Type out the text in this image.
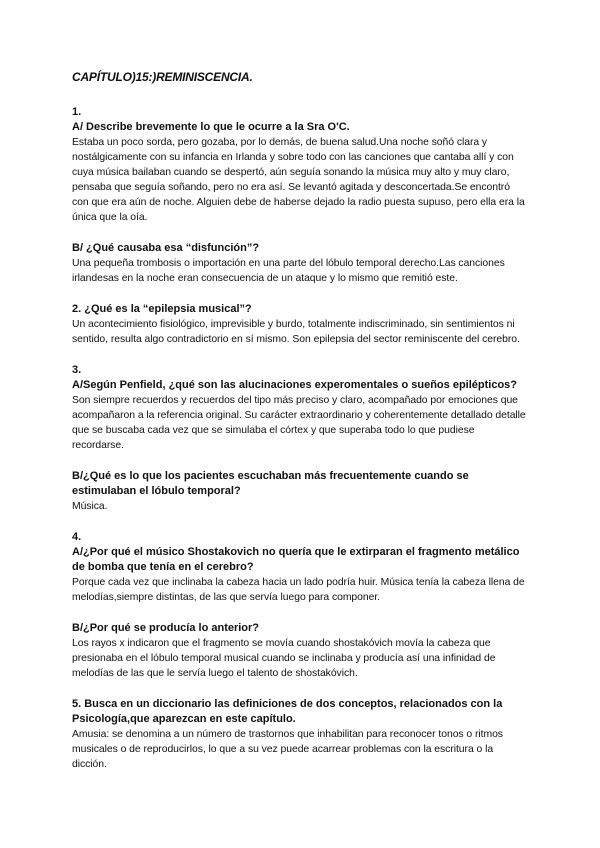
CAPÍTULO)15:)REMINISCENCIA.
1.
A/ Describe brevemente lo que le ocurre a la Sra O'C.
Estaba un poco sorda, pero gozaba, por lo demás, de buena salud.Una noche soñó clara y nostálgicamente con su infancia en Irlanda y sobre todo con las canciones que cantaba allí y con cuya música bailaban cuando se despertó, aún seguía sonando la música muy alto y muy claro, pensaba que seguía soñando, pero no era así. Se levantó agitada y desconcertada.Se encontró con que era aún de noche. Alguien debe de haberse dejado la radio puesta supuso, pero ella era la única que la oía.
B/ ¿Qué causaba esa “disfunción”?
Una pequeña trombosis o importación en una parte del lóbulo temporal derecho.Las canciones irlandesas en la noche eran consecuencia de un ataque y lo mismo que remitió este.
2. ¿Qué es la “epilepsia musical”?
Un acontecimiento fisiológico, imprevisible y burdo, totalmente indiscriminado, sin sentimientos ni sentido, resulta algo contradictorio en sí mismo. Son epilepsia del sector reminiscente del cerebro.
3.
A/Según Penfield, ¿qué son las alucinaciones experomentales o sueños epilépticos?
Son siempre recuerdos y recuerdos del tipo más preciso y claro, acompañado por emociones que acompañaron a la referencia original. Su carácter extraordinario y coherentemente detallado detalle que se buscaba cada vez que se simulaba el córtex y que superaba todo lo que pudiese recordarse.
B/¿Qué es lo que los pacientes escuchaban más frecuentemente cuando se estimulaban el lóbulo temporal?
Música.
4.
A/¿Por qué el músico Shostakovich no quería que le extirparan el fragmento metálico de bomba que tenía en el cerebro?
Porque cada vez que inclinaba la cabeza hacia un lado podría huir. Música tenía la cabeza llena de melodías,siempre distintas, de las que servía luego para componer.
B/¿Por qué se producía lo anterior?
Los rayos x indicaron que el fragmento se movía cuando shostakóvich movía la cabeza que presionaba en el lóbulo temporal musical cuando se inclinaba y producía así una infinidad de melodías de las que le servía luego el talento de shostakóvich.
5. Busca en un diccionario las definiciones de dos conceptos, relacionados con la Psicología,que aparezcan en este capítulo.
Amusia: se denomina a un número de trastornos que inhabilitan para reconocer tonos o ritmos musicales o de reproducirlos, lo que a su vez puede acarrear problemas con la escritura o la dicción.
